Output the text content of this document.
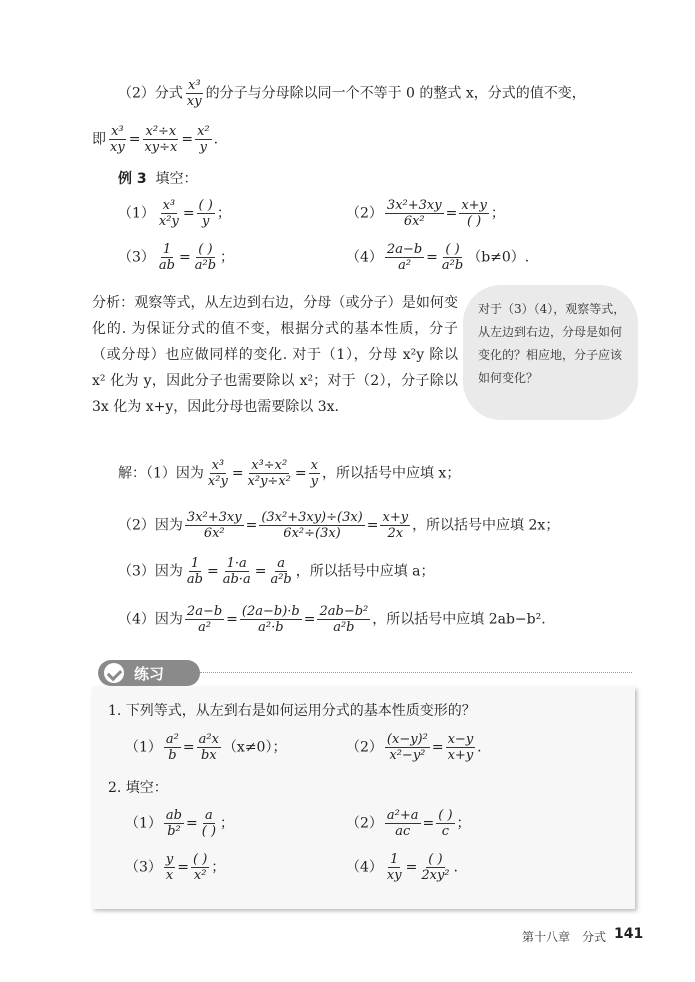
（2）分式 $\frac{\text{x³}}{xy}$ 的分子与分母除以同一个不等于 0 的整式 x，分式的值不变，
即 $\frac{\text{x³}}{xy} = \frac{\text{x²÷x}}{xy\div x} = \frac{\text{x²}}{y}$ .
例 3 填空：
$(1) \frac{\text{x³}}{\text{x²y}} = \frac{( )}{y}$ ；	$(2) \frac{\text{3x²+3xy}}{\text{6x²}} = \frac{x+y}{( )}$ ；
$(3) \frac{1}{ab} = \frac{( )}{\text{a²b}}$ ；	$(4) \frac{2a-b}{\text{a²}} = \frac{( )}{\text{a²b}} (b\ne 0)$.
分析：观察等式，从左边到右边，分母（或分子）是如何变化的. 为保证分式的值不变，根据分式的基本性质，分子（或分母）也应做同样的变化. 对于（1），分母 x²y 除以 x² 化为 y，因此分子也需要除以 x²；对于（2），分子除以 3x 化为 x+y，因此分母也需要除以 3x.
对于（3）（4），观察等式，从左边到右边，分母是如何变化的？相应地，分子应该如何变化？
解：（1）因为 $\frac{\text{x³}}{\text{x²y}} = \frac{\text{x³÷x²}}{\text{x²y÷x²}} = \frac{x}{y}$ ，所以括号中应填 x；
（2）因为 $\frac{\text{3x²+3xy}}{\text{6x²}} = \frac{\text{(3x²+3xy)÷(3x)}}{\text{6x²÷(3x)}} = \frac{x+y}{2x}$ ，所以括号中应填 2x；
（3）因为 $\frac{1}{ab} = \frac{1\cdot a}{ab\cdot a} = \frac{a}{\text{a²b}}$ ，所以括号中应填 a；
（4）因为 $\frac{2a-b}{\text{a²}} = \frac{(2a-b)\cdot b}{\text{a²·b}} = \frac{\text{2ab−b²}}{\text{a²b}}$ ，所以括号中应填 2ab−b².
练习
1. 下列等式，从左到右是如何运用分式的基本性质变形的？
$(1) \frac{\text{a²}}{b} = \frac{\text{a²x}}{bx} (x\ne 0)$；	$(2) \frac{\text{(x−y)²}}{\text{x²−y²}} = \frac{x-y}{x+y}$ .
2. 填空：
$(1) \frac{ab}{\text{b²}} = \frac{a}{( )}$ ；	$(2) \frac{\text{a²+a}}{ac} = \frac{( )}{c}$ ；
$(3) \frac{y}{x} = \frac{( )}{\text{x²}}$ ；	$(4) \frac{1}{xy} = \frac{( )}{\text{2xy²}}$ .
第十八章　分式 141
